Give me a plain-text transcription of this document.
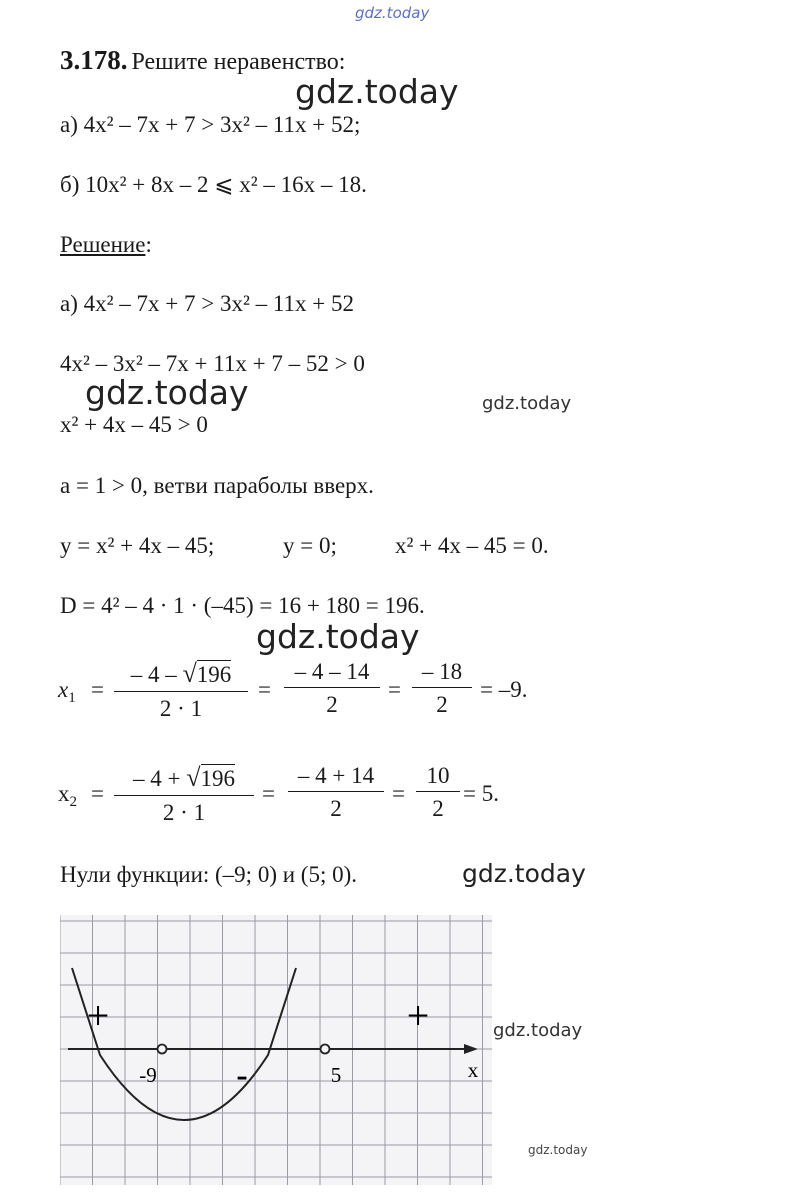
gdz.today
gdz.today
gdz.today	gdz.today
gdz.today
gdz.today
gdz.today
gdz.today
3.178. Решите неравенство:
а) 4x² – 7x + 7 > 3x² – 11x + 52;
б) 10x² + 8x – 2 ⩽ x² – 16x – 18.
Решение:
а) 4x² – 7x + 7 > 3x² – 11x + 52
4x² – 3x² – 7x + 11x + 7 – 52 > 0
x² + 4x – 45 > 0
a = 1 > 0, ветви параболы вверх.
y = x² + 4x – 45;	y = 0;	x² + 4x – 45 = 0.
D = 4² – 4 · 1 · (–45) = 16 + 180 = 196.
$x_1$ =
– 4 – √196
2 · 1
=
– 4 – 14
2
=
– 18
2
= –9.
$x_2$ =
– 4 + √196
2 · 1
=
– 4 + 14
2
=
10
2
= 5.
Нули функции: (–9; 0) и (5; 0).
+	+
-
-9	5	x
